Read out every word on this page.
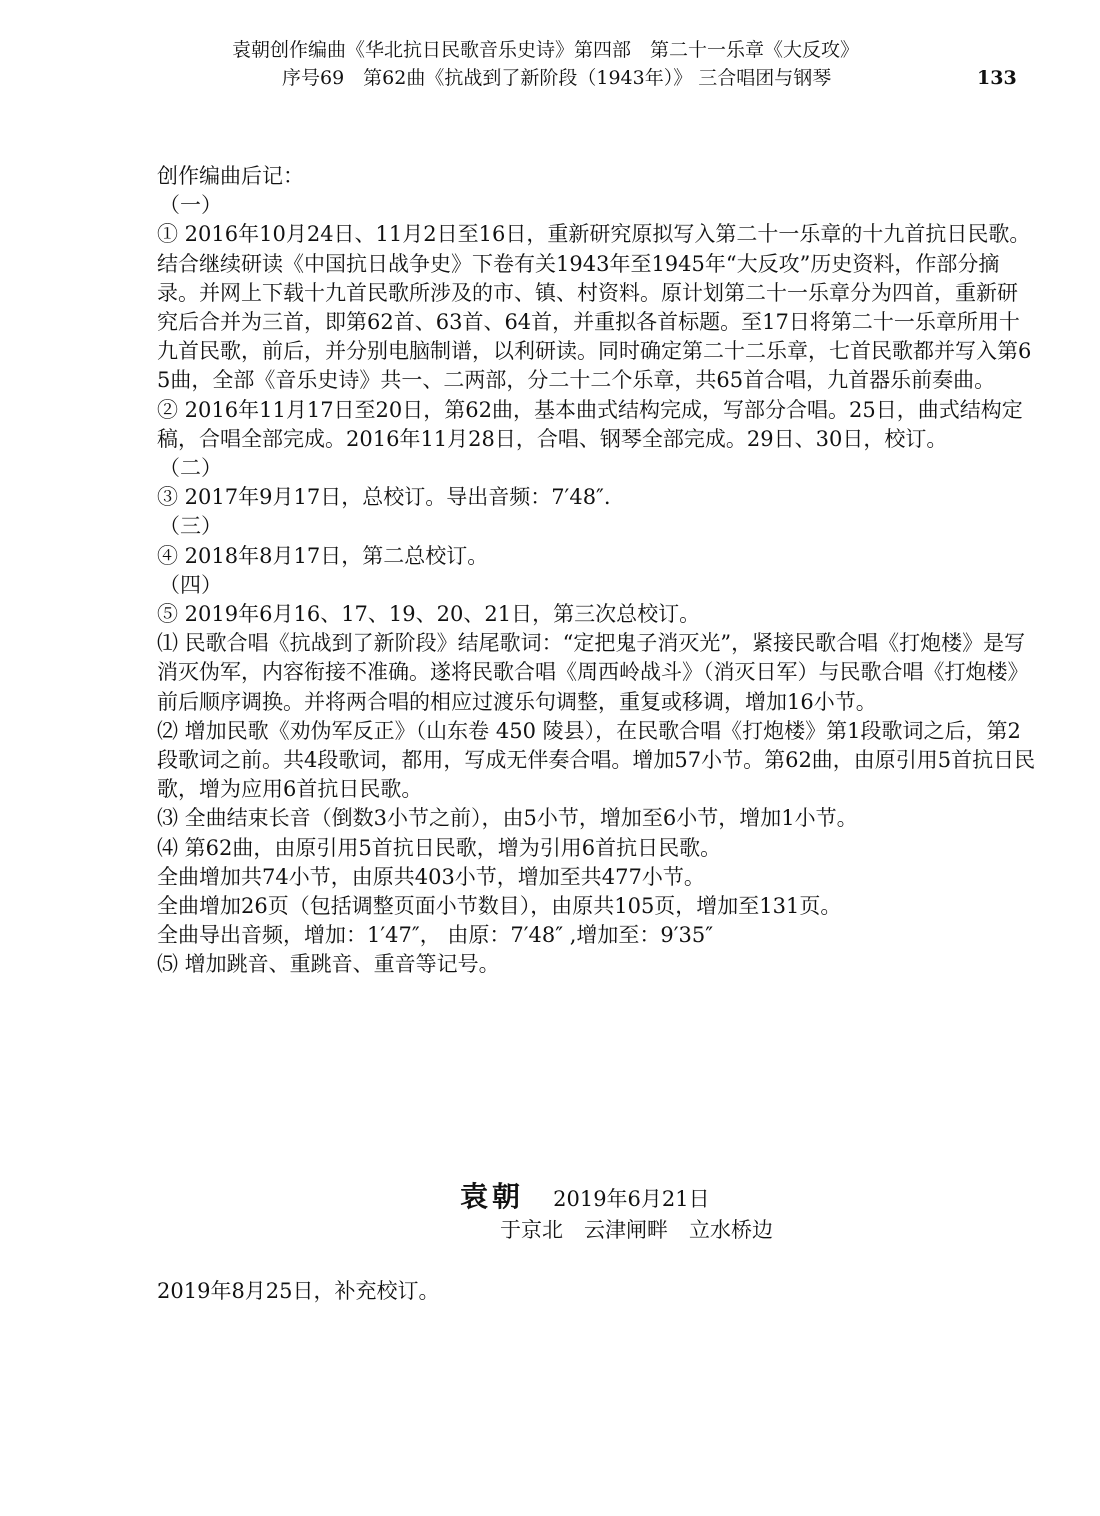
袁朝创作编曲《华北抗日民歌音乐史诗》第四部　第二十一乐章《大反攻》
序号69　第62曲《抗战到了新阶段（1943年）》 三合唱团与钢琴	133

创作编曲后记：

（一）

① 2016年10月24日、11月2日至16日，重新研究原拟写入第二十一乐章的十九首抗日民歌。结合继续研读《中国抗日战争史》下卷有关1943年至1945年“大反攻”历史资料，作部分摘录。并网上下载十九首民歌所涉及的市、镇、村资料。原计划第二十一乐章分为四首，重新研究后合并为三首，即第62首、63首、64首，并重拟各首标题。至17日将第二十一乐章所用十九首民歌，前后，并分别电脑制谱，以利研读。同时确定第二十二乐章，七首民歌都并写入第65曲，全部《音乐史诗》共一、二两部，分二十二个乐章，共65首合唱，九首器乐前奏曲。

② 2016年11月17日至20日，第62曲，基本曲式结构完成，写部分合唱。25日，曲式结构定稿，合唱全部完成。2016年11月28日，合唱、钢琴全部完成。29日、30日，校订。

（二）

③ 2017年9月17日，总校订。导出音频：7′48″.

（三）

④ 2018年8月17日，第二总校订。

（四）

⑤ 2019年6月16、17、19、20、21日，第三次总校订。

⑴ 民歌合唱《抗战到了新阶段》结尾歌词：“定把鬼子消灭光”，紧接民歌合唱《打炮楼》是写消灭伪军，内容衔接不准确。遂将民歌合唱《周西岭战斗》（消灭日军）与民歌合唱《打炮楼》前后顺序调换。并将两合唱的相应过渡乐句调整，重复或移调，增加16小节。

⑵ 增加民歌《劝伪军反正》（山东卷 450 陵县），在民歌合唱《打炮楼》第1段歌词之后，第2段歌词之前。共4段歌词，都用，写成无伴奏合唱。增加57小节。第62曲，由原引用5首抗日民歌，增为应用6首抗日民歌。

⑶ 全曲结束长音（倒数3小节之前），由5小节，增加至6小节，增加1小节。

⑷ 第62曲，由原引用5首抗日民歌，增为引用6首抗日民歌。

全曲增加共74小节，由原共403小节，增加至共477小节。

全曲增加26页（包括调整页面小节数目），由原共105页，增加至131页。

全曲导出音频，增加：1′47″， 由原：7′48″ ,增加至：9′35″

⑸ 增加跳音、重跳音、重音等记号。

袁朝 2019年6月21日
于京北　云津闸畔　立水桥边
2019年8月25日，补充校订。
